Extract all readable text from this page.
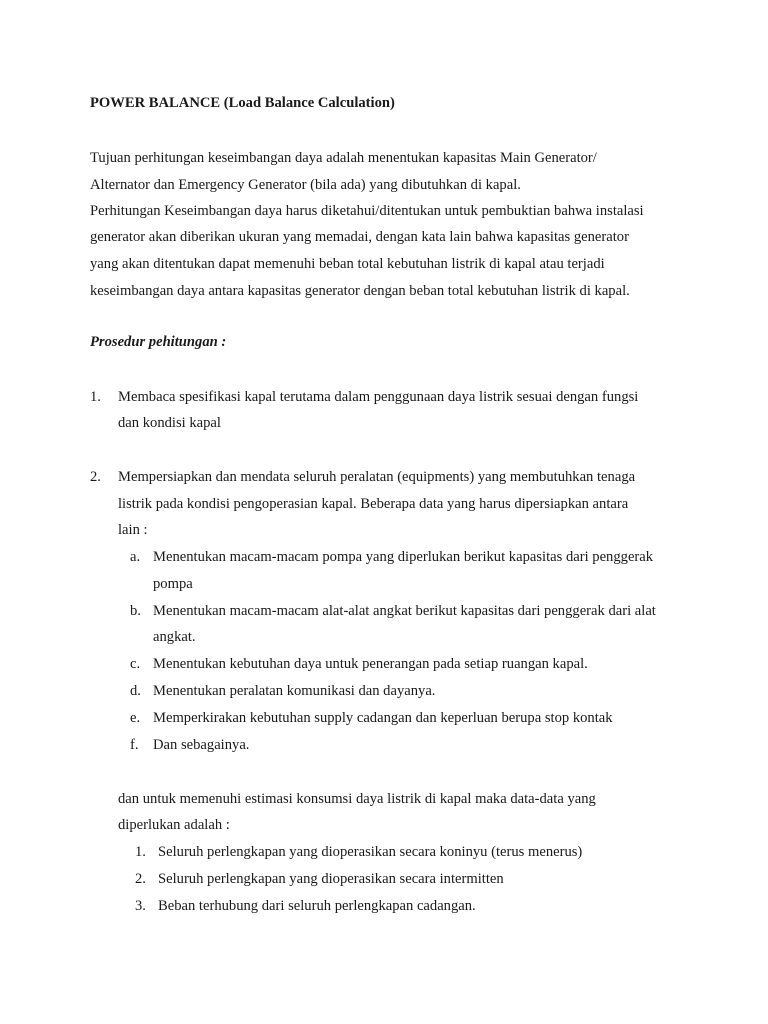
POWER BALANCE (Load Balance Calculation)
Tujuan perhitungan keseimbangan daya adalah menentukan kapasitas Main Generator/
Alternator dan Emergency Generator (bila ada) yang dibutuhkan di kapal.
Perhitungan Keseimbangan daya harus diketahui/ditentukan untuk pembuktian bahwa instalasi
generator akan diberikan ukuran yang memadai, dengan kata lain bahwa kapasitas generator
yang akan ditentukan dapat memenuhi beban total kebutuhan listrik di kapal atau terjadi
keseimbangan daya antara kapasitas generator dengan beban total kebutuhan listrik di kapal.
Prosedur pehitungan :
1. Membaca spesifikasi kapal terutama dalam penggunaan daya listrik sesuai dengan fungsi
dan kondisi kapal
2. Mempersiapkan dan mendata seluruh peralatan (equipments) yang membutuhkan tenaga
listrik pada kondisi pengoperasian kapal. Beberapa data yang harus dipersiapkan antara
lain :
a. Menentukan macam-macam pompa yang diperlukan berikut kapasitas dari penggerak
pompa
b. Menentukan macam-macam alat-alat angkat berikut kapasitas dari penggerak dari alat
angkat.
c. Menentukan kebutuhan daya untuk penerangan pada setiap ruangan kapal.
d. Menentukan peralatan komunikasi dan dayanya.
e. Memperkirakan kebutuhan supply cadangan dan keperluan berupa stop kontak
f. Dan sebagainya.
dan untuk memenuhi estimasi konsumsi daya listrik di kapal maka data-data yang
diperlukan adalah :
1. Seluruh perlengkapan yang dioperasikan secara koninyu (terus menerus)
2. Seluruh perlengkapan yang dioperasikan secara intermitten
3. Beban terhubung dari seluruh perlengkapan cadangan.
